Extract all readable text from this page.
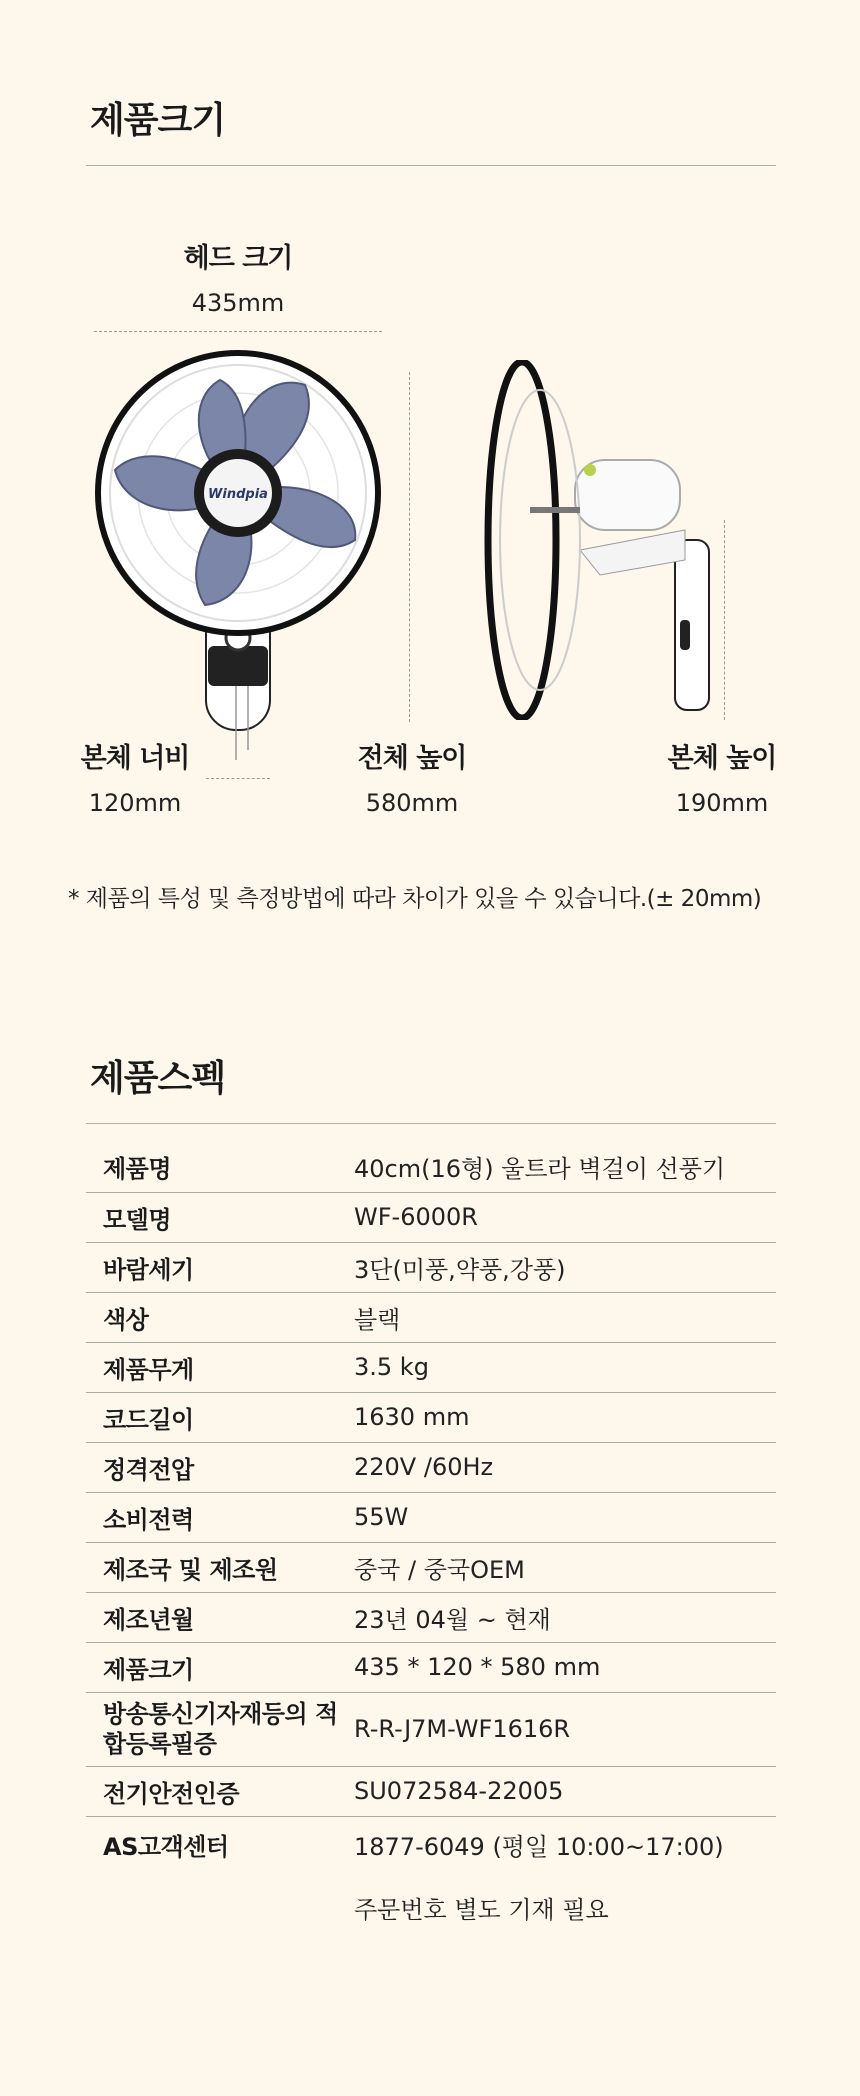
제품크기
헤드 크기
435mm
Windpia
본체 너비
120mm
전체 높이
580mm
본체 높이
190mm
* 제품의 특성 및 측정방법에 따라 차이가 있을 수 있습니다.(± 20mm)
제품스펙
제품명	40cm(16형) 울트라 벽걸이 선풍기
모델명	WF-6000R
바람세기	3단(미풍,약풍,강풍)
색상	블랙
제품무게	3.5 kg
코드길이	1630 mm
정격전압	220V /60Hz
소비전력	55W
제조국 및 제조원	중국 / 중국OEM
제조년월	23년 04월 ~ 현재
제품크기	435 * 120 * 580 mm
방송통신기자재등의 적합등록필증	R-R-J7M-WF1616R
전기안전인증	SU072584-22005
AS고객센터	1877-6049 (평일 10:00~17:00)
주문번호 별도 기재 필요
